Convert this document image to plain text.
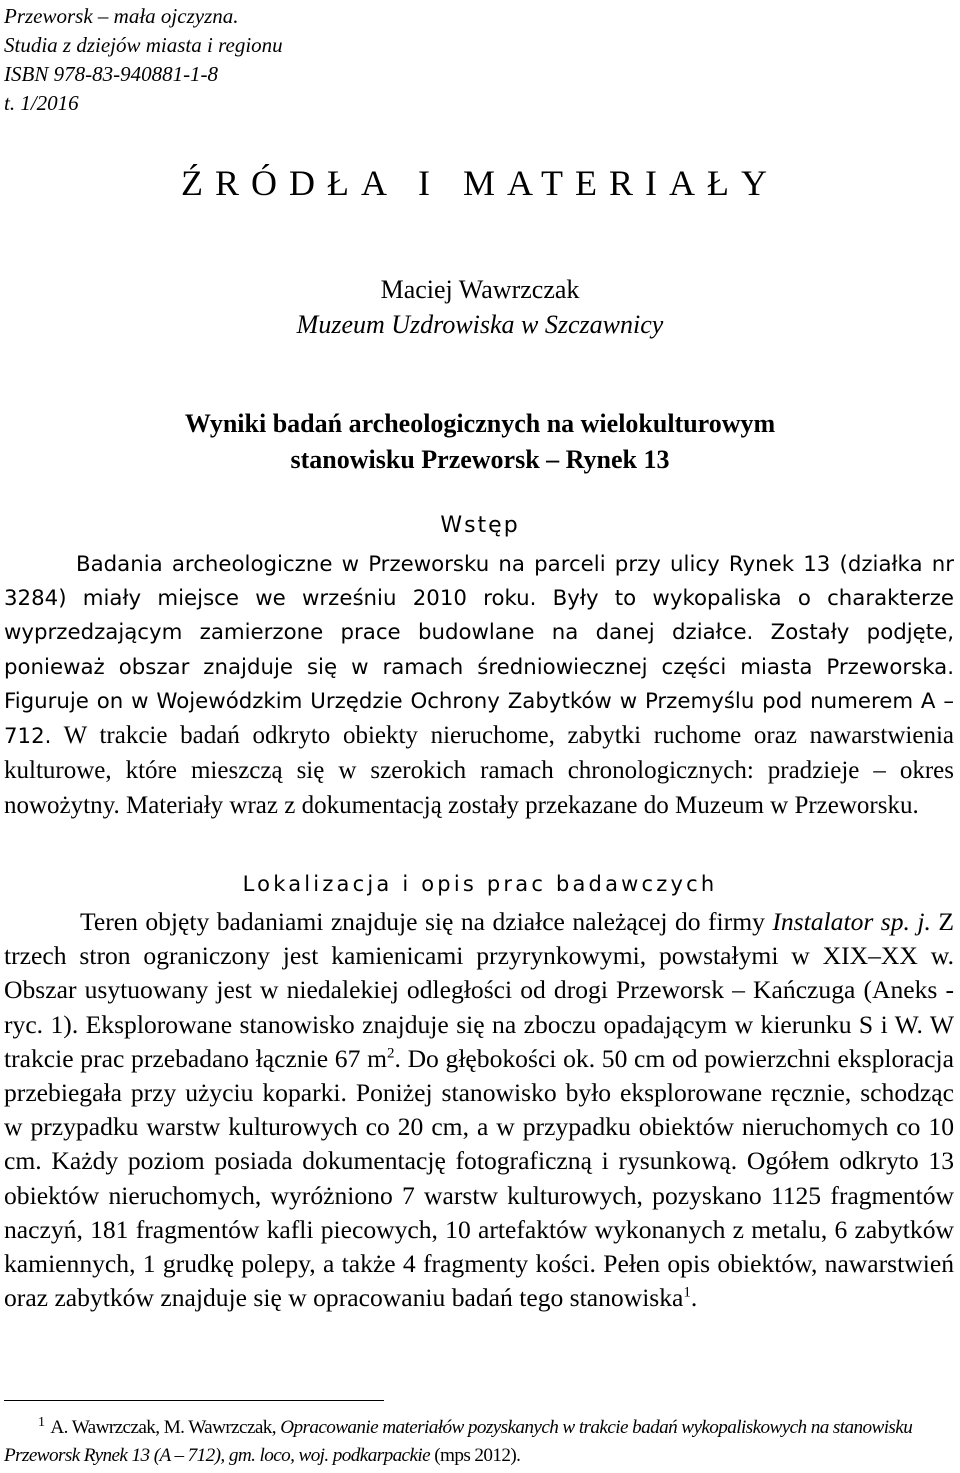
Przeworsk – mała ojczyzna.
Studia z dziejów miasta i regionu
ISBN 978-83-940881-1-8
t. 1/2016
ŹRÓDŁA I MATERIAŁY
Maciej Wawrzczak
Muzeum Uzdrowiska w Szczawnicy
Wyniki badań archeologicznych na wielokulturowym
stanowisku Przeworsk – Rynek 13
Wstęp
Badania archeologiczne w Przeworsku na parceli przy ulicy Rynek 13 (działka nr 3284) miały miejsce we wrześniu 2010 roku. Były to wykopaliska o charakterze wyprzedzającym zamierzone prace budowlane na danej działce. Zostały podjęte, ponieważ obszar znajduje się w ramach średniowiecznej części miasta Przeworska. Figuruje on w Wojewódzkim Urzędzie Ochrony Zabytków w Przemyślu pod numerem A – 712. W trakcie badań odkryto obiekty nieruchome, zabytki ruchome oraz nawarstwienia kulturowe, które mieszczą się w szerokich ramach chronologicznych: pradzieje – okres nowożytny. Materiały wraz z dokumentacją zostały przekazane do Muzeum w Przeworsku.
Lokalizacja i opis prac badawczych
Teren objęty badaniami znajduje się na działce należącej do firmy Instalator sp. j. Z trzech stron ograniczony jest kamienicami przyrynkowymi, powstałymi w XIX–XX w. Obszar usytuowany jest w niedalekiej odległości od drogi Przeworsk – Kańczuga (Aneks - ryc. 1). Eksplorowane stanowisko znajduje się na zboczu opadającym w kierunku S i W. W trakcie prac przebadano łącznie 67 $m^2$. Do głębokości ok. 50 cm od powierzchni eksploracja przebiegała przy użyciu koparki. Poniżej stanowisko było eksplorowane ręcznie, schodząc w przypadku warstw kulturowych co 20 cm, a w przypadku obiektów nieruchomych co 10 cm. Każdy poziom posiada dokumentację fotograficzną i rysunkową. Ogółem odkryto 13 obiektów nieruchomych, wyróżniono 7 warstw kulturowych, pozyskano 1125 fragmentów naczyń, 181 fragmentów kafli piecowych, 10 artefaktów wykonanych z metalu, 6 zabytków kamiennych, 1 grudkę polepy, a także 4 fragmenty kości. Pełen opis obiektów, nawarstwień oraz zabytków znajduje się w opracowaniu badań tego stanowiska$^1$.
$^1$ A. Wawrzczak, M. Wawrzczak, Opracowanie materiałów pozyskanych w trakcie badań wykopaliskowych na stanowisku Przeworsk Rynek 13 (A – 712), gm. loco, woj. podkarpackie (mps 2012).
